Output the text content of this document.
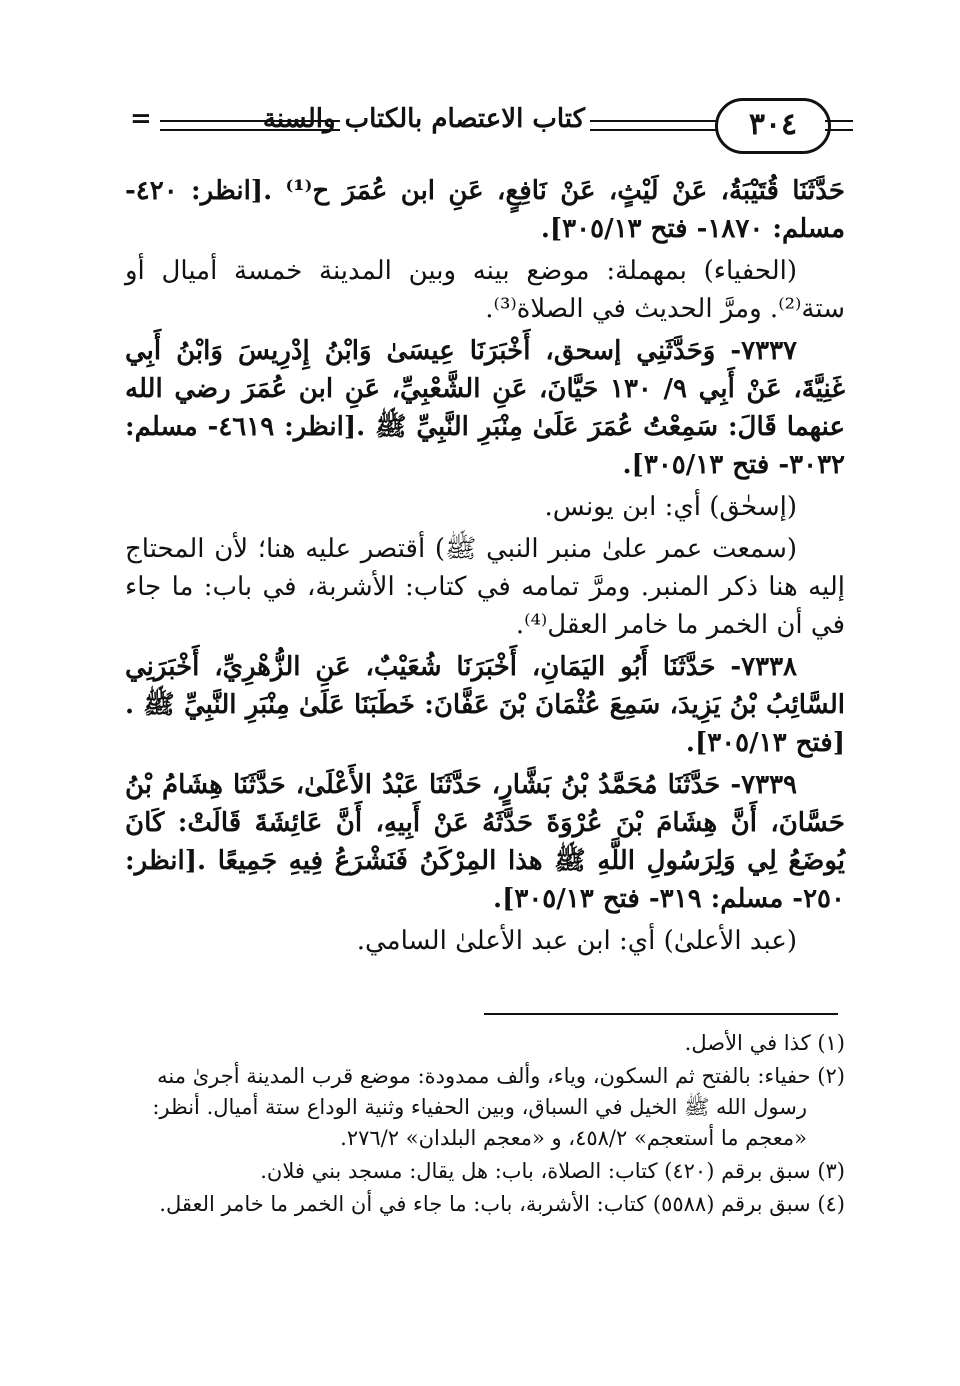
=	كتاب الاعتصام بالكتاب والسنة	٣٠٤

حَدَّثَنَا قُتَيْبَةُ، عَنْ لَيْثٍ، عَنْ نَافِعٍ، عَنِ ابن عُمَرَ ح⁽¹⁾ .[انظر: ٤٢٠- مسلم: ١٨٧٠- فتح ٣٠٥/١٣].

(الحفياء) بمهملة: موضع بينه وبين المدينة خمسة أميال أو ستة⁽²⁾. ومرَّ الحديث في الصلاة⁽³⁾.

٧٣٣٧- وَحَدَّثَنِي إسحق، أَخْبَرَنَا عِيسَىٰ وَابْنُ إِدْرِيسَ وَابْنُ أَبِي غَنِيَّةَ، عَنْ أَبِي ٩/ ١٣٠ حَيَّانَ، عَنِ الشَّعْبِيِّ، عَنِ ابن عُمَرَ رضي الله عنهما قَالَ: سَمِعْتُ عُمَرَ عَلَىٰ مِنْبَرِ النَّبِيِّ ﷺ .[انظر: ٤٦١٩- مسلم: ٣٠٣٢- فتح ٣٠٥/١٣].

(إسحٰق) أي: ابن يونس.

(سمعت عمر علىٰ منبر النبي ﷺ) أقتصر عليه هنا؛ لأن المحتاج إليه هنا ذكر المنبر. ومرَّ تمامه في كتاب: الأشربة، في باب: ما جاء في أن الخمر ما خامر العقل⁽⁴⁾.

٧٣٣٨- حَدَّثَنَا أَبُو اليَمَانِ، أَخْبَرَنَا شُعَيْبٌ، عَنِ الزُّهْرِيِّ، أَخْبَرَنِي السَّائِبُ بْنُ يَزِيدَ، سَمِعَ عُثْمَانَ بْنَ عَفَّانَ: خَطَبَنَا عَلَىٰ مِنْبَرِ النَّبِيِّ ﷺ .[فتح ٣٠٥/١٣].

٧٣٣٩- حَدَّثَنَا مُحَمَّدُ بْنُ بَشَّارٍ، حَدَّثَنَا عَبْدُ الأَعْلَىٰ، حَدَّثَنَا هِشَامُ بْنُ حَسَّانَ، أَنَّ هِشَامَ بْنَ عُرْوَةَ حَدَّثَهُ عَنْ أَبِيهِ، أَنَّ عَائِشَةَ قَالَتْ: كَانَ يُوضَعُ لِي وَلِرَسُولِ اللَّهِ ﷺ هذا المِرْكَنُ فَنَشْرَعُ فِيهِ جَمِيعًا .[انظر: ٢٥٠- مسلم: ٣١٩- فتح ٣٠٥/١٣].

(عبد الأعلىٰ) أي: ابن عبد الأعلىٰ السامي.

(١) كذا في الأصل.

(٢) حفياء: بالفتح ثم السكون، وياء، وألف ممدودة: موضع قرب المدينة أجرىٰ منه رسول الله ﷺ الخيل في السباق، وبين الحفياء وثنية الوداع ستة أميال. أنظر: «معجم ما أستعجم» ٤٥٨/٢، و «معجم البلدان» ٢٧٦/٢.

(٣) سبق برقم (٤٢٠) كتاب: الصلاة، باب: هل يقال: مسجد بني فلان.

(٤) سبق برقم (٥٥٨٨) كتاب: الأشربة، باب: ما جاء في أن الخمر ما خامر العقل.
